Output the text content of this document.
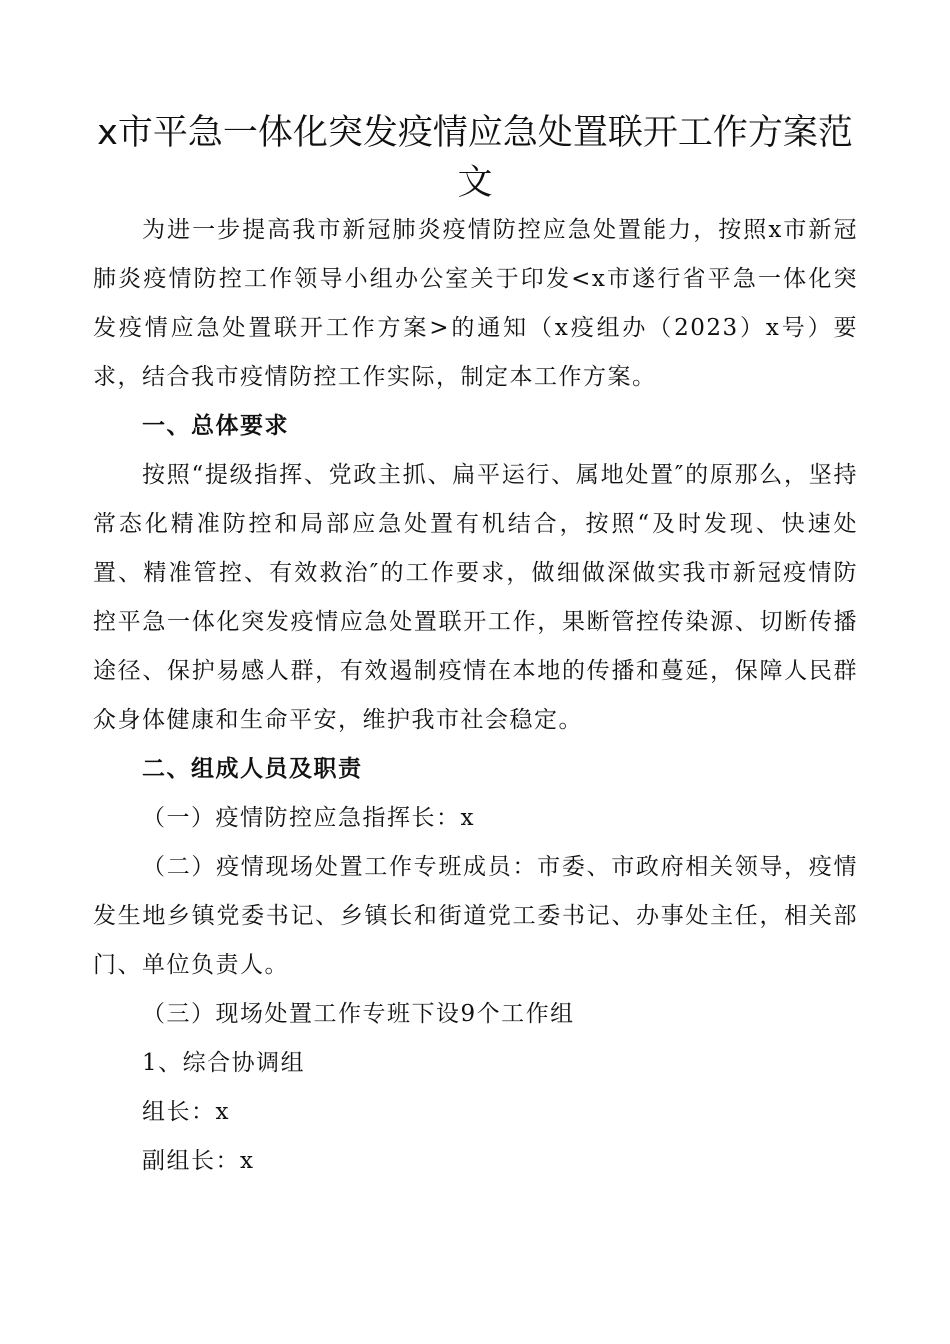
x市平急一体化突发疫情应急处置联开工作方案范文

为进一步提高我市新冠肺炎疫情防控应急处置能力，按照x市新冠肺炎疫情防控工作领导小组办公室关于印发<x市遂行省平急一体化突发疫情应急处置联开工作方案>的通知（x疫组办（2023）x号）要求，结合我市疫情防控工作实际，制定本工作方案。

一、总体要求

按照“提级指挥、党政主抓、扁平运行、属地处置″的原那么，坚持常态化精准防控和局部应急处置有机结合，按照“及时发现、快速处置、精准管控、有效救治″的工作要求，做细做深做实我市新冠疫情防控平急一体化突发疫情应急处置联开工作，果断管控传染源、切断传播途径、保护易感人群，有效遏制疫情在本地的传播和蔓延，保障人民群众身体健康和生命平安，维护我市社会稳定。

二、组成人员及职责

（一）疫情防控应急指挥长：x

（二）疫情现场处置工作专班成员：市委、市政府相关领导，疫情发生地乡镇党委书记、乡镇长和街道党工委书记、办事处主任，相关部门、单位负责人。

（三）现场处置工作专班下设9个工作组

1、综合协调组

组长：x

副组长：x
